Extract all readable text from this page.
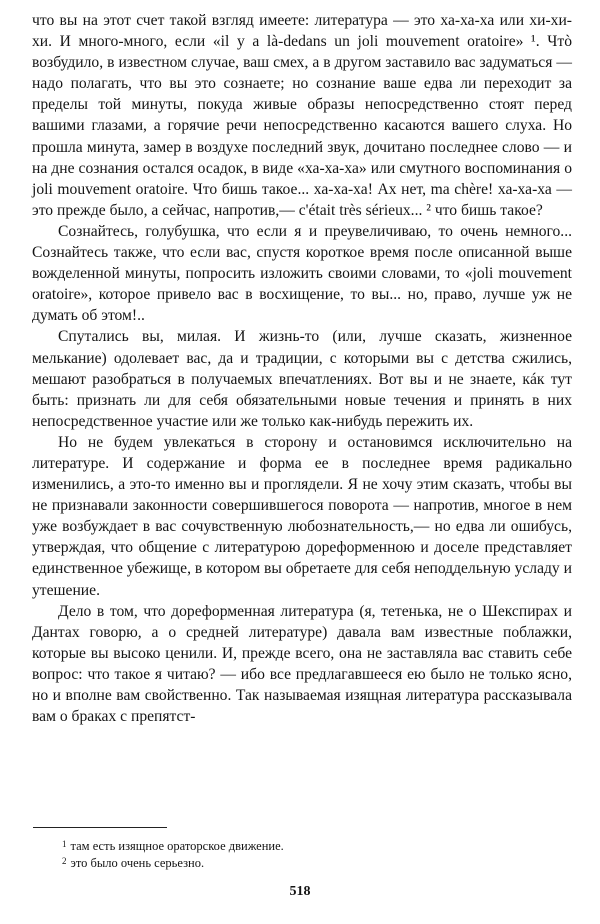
что вы на этот счет такой взгляд имеете: литература — это ха-ха-ха или хи-хи-хи. И много-много, если «il y a là-dedans un joli mouvement oratoire» ¹. Чтò возбудило, в известном случае, ваш смех, а в другом заставило вас задуматься — надо полагать, что вы это сознаете; но сознание ваше едва ли переходит за пределы той минуты, покуда живые образы непосредственно стоят перед вашими глазами, а горячие речи непосредственно касаются вашего слуха. Но прошла минута, замер в воздухе последний звук, дочитано последнее слово — и на дне сознания остался осадок, в виде «ха-ха-ха» или смутного воспоминания о joli mouvement oratoire. Что бишь такое... ха-ха-ха! Ах нет, ma chère! ха-ха-ха — это прежде было, а сейчас, напротив,— c'était très sérieux... ² что бишь такое?

Сознайтесь, голубушка, что если я и преувеличиваю, то очень немного... Сознайтесь также, что если вас, спустя короткое время после описанной выше вожделенной минуты, попросить изложить своими словами, то «joli mouvement oratoire», которое привело вас в восхищение, то вы... но, право, лучше уж не думать об этом!..

Спутались вы, милая. И жизнь-то (или, лучше сказать, жизненное мелькание) одолевает вас, да и традиции, с которыми вы с детства сжились, мешают разобраться в получаемых впечатлениях. Вот вы и не знаете, кáк тут быть: признать ли для себя обязательными новые течения и принять в них непосредственное участие или же только как-нибудь пережить их.

Но не будем увлекаться в сторону и остановимся исключительно на литературе. И содержание и форма ее в последнее время радикально изменились, а это-то именно вы и проглядели. Я не хочу этим сказать, чтобы вы не признавали законности совершившегося поворота — напротив, многое в нем уже возбуждает в вас сочувственную любознательность,— но едва ли ошибусь, утверждая, что общение с литературою дореформенною и доселе представляет единственное убежище, в котором вы обретаете для себя неподдельную усладу и утешение.

Дело в том, что дореформенная литература (я, тетенька, не о Шекспирах и Дантах говорю, а о средней литературе) давала вам известные поблажки, которые вы высоко ценили. И, прежде всего, она не заставляла вас ставить себе вопрос: что такое я читаю? — ибо все предлагавшееся ею было не только ясно, но и вполне вам свойственно. Так называемая изящная литература рассказывала вам о браках с препятст-

$^1$ там есть изящное ораторское движение.

$^2$ это было очень серьезно.

518
